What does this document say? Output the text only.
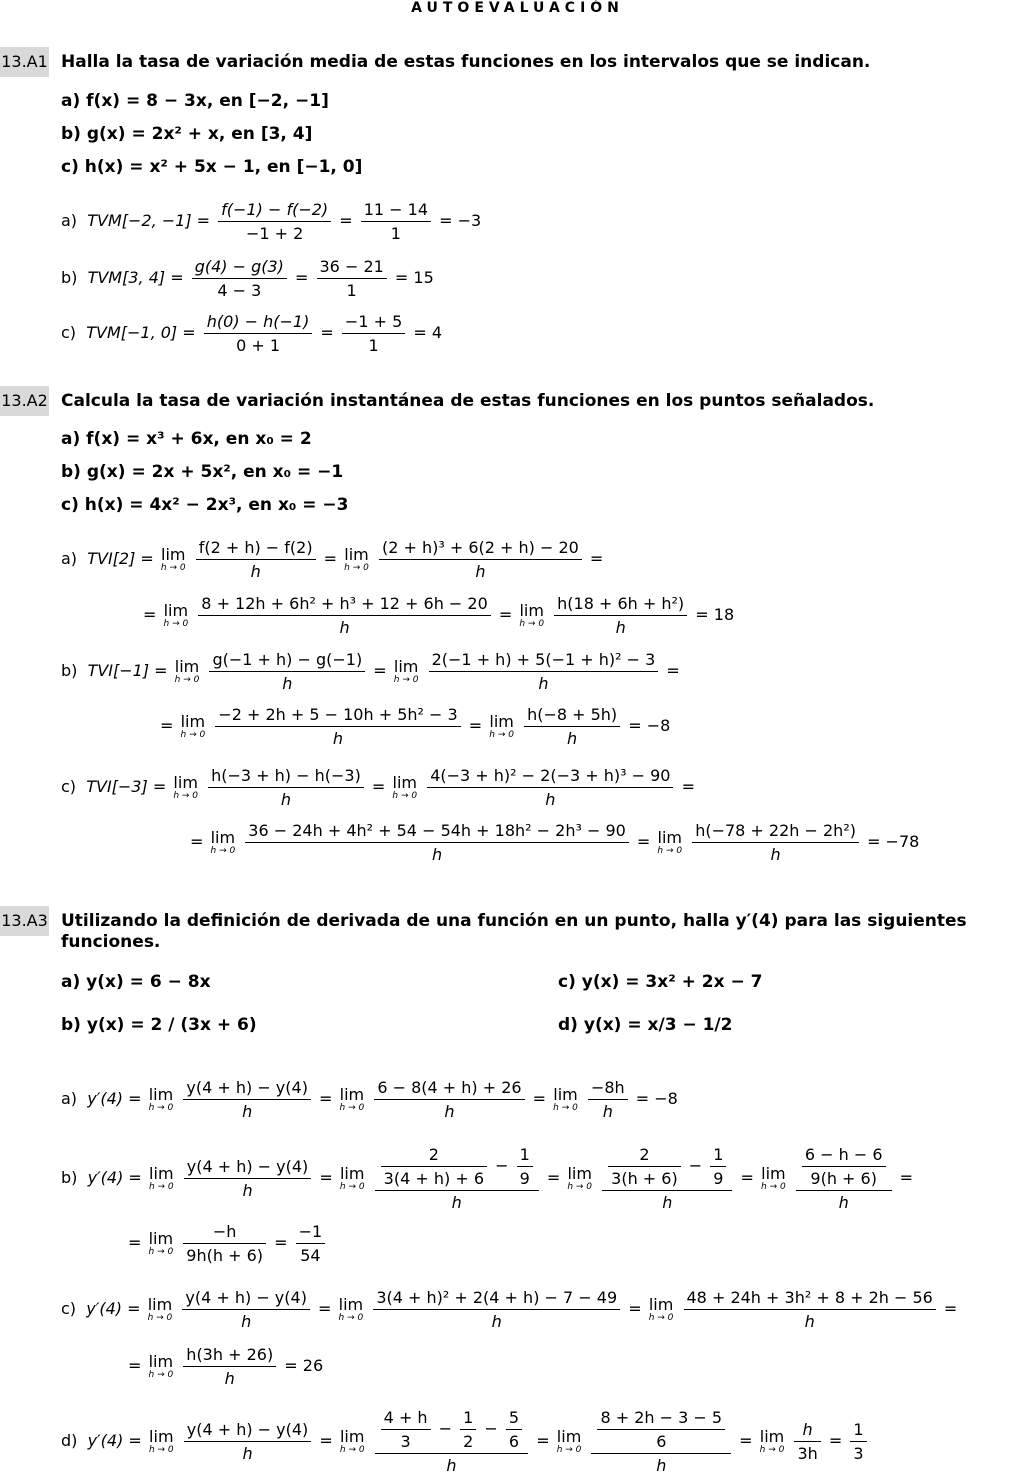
AUTOEVALUACIÓN
13.A1 Halla la tasa de variación media de estas funciones en los intervalos que se indican.
a) f(x) = 8 − 3x, en [−2, −1]
b) g(x) = 2x² + x, en [3, 4]
c) h(x) = x² + 5x − 1, en [−1, 0]
a) TVM[−2, $-1] = \frac{f(-1) - f(-2)}{-1 + 2} = \frac{11 - 14}{1} = -3$
b) TVM[3, $4] = \frac{g(4) - g(3)}{4 - 3} = \frac{36 - 21}{1} = 15$
c) TVM[−1, $0] = \frac{h(0) - h(-1)}{0 + 1} = \frac{-1 + 5}{1} = 4$
13.A2 Calcula la tasa de variación instantánea de estas funciones en los puntos señalados.
a) f(x) = x³ + 6x, en x₀ = 2
b) g(x) = 2x + 5x², en x₀ = −1
c) h(x) = 4x² − 2x³, en x₀ = −3
a) TVI[2] = lim
h → 0
$\frac{f(2 + h) - f(2)}{h} = \lim$
h → 0
$\frac{\text{(2 + h)³ + 6(2 + h) − 20}}{h}$ =
= lim
h → 0
$\frac{\text{8 + 12h + 6h² + h³ + 12 + 6h − 20}}{h} = \lim$
h → 0
$\frac{\text{h(18 + 6h + h²)}}{h} = 18$
b) TVI[−1] = lim
h → 0
$\frac{g(-1 + h) - g(-1)}{h} = \lim$
h → 0
$\frac{\text{2(−1 + h) + 5(−1 + h)² − 3}}{h}$ =
= lim
h → 0
$\frac{\text{−2 + 2h + 5 − 10h + 5h² − 3}}{h} = \lim$
h → 0
$\frac{h(-8 + 5h)}{h} = -8$
c) TVI[−3] = lim
h → 0
$\frac{h(-3 + h) - h(-3)}{h} = \lim$
h → 0
$\frac{\text{4(−3 + h)² − 2(−3 + h)³ − 90}}{h}$ =
= lim
h → 0
$\frac{\text{36 − 24h + 4h² + 54 − 54h + 18h² − 2h³ − 90}}{h} = \lim$
h → 0
$\frac{\text{h(−78 + 22h − 2h²)}}{h} = -78$
13.A3 Utilizando la definición de derivada de una función en un punto, halla y′(4) para las siguientes funciones.
a) y(x) = 6 − 8x
b) y(x) = 2 / (3x + 6)
c) y(x) = 3x² + 2x − 7
d) y(x) = x/3 − 1/2
a) y′(4) = lim
h → 0
$\frac{y(4 + h) - y(4)}{h} = \lim$
h → 0
$\frac{6 - 8(4 + h) + 26}{h} = \lim$
h → 0
$\frac{-8h}{h} = -8$
b) y′(4) = lim
h → 0
$\frac{y(4 + h) - y(4)}{h} = \lim$
h → 0
$\frac{\frac{2}{3(4 + h) + 6} - \frac{1}{9}}{h} = \lim$
h → 0
$\frac{\frac{2}{3(h + 6)} - \frac{1}{9}}{h} = \lim$
h → 0
$\frac{\frac{6 - h - 6}{9(h + 6)}}{h}$ =
= lim
h → 0
$\frac{-h}{9h(h + 6)} = \frac{-1}{54}$
c) y′(4) = lim
h → 0
$\frac{y(4 + h) - y(4)}{h} = \lim$
h → 0
$\frac{\text{3(4 + h)² + 2(4 + h) − 7 − 49}}{h} = \lim$
h → 0
$\frac{\text{48 + 24h + 3h² + 8 + 2h − 56}}{h}$ =
= lim
h → 0
$\frac{h(3h + 26)}{h} = 26$
d) y′(4) = lim
h → 0
$\frac{y(4 + h) - y(4)}{h} = \lim$
h → 0
$\frac{\frac{4 + h}{3} - \frac{1}{2} - \frac{5}{6}}{h} = \lim$
h → 0
$\frac{\frac{8 + 2h - 3 - 5}{6}}{h} = \lim$
h → 0
$\frac{h}{3h} = \frac{1}{3}$
